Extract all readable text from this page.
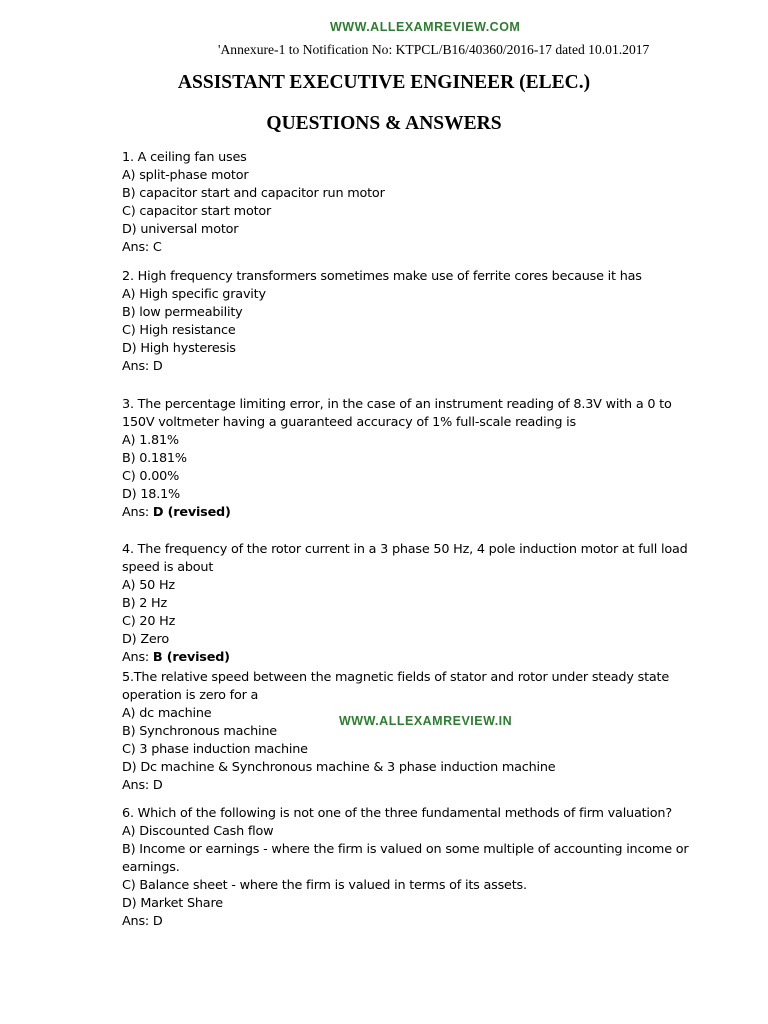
WWW.ALLEXAMREVIEW.COM
'Annexure-1 to Notification No: KTPCL/B16/40360/2016-17 dated 10.01.2017
ASSISTANT EXECUTIVE ENGINEER (ELEC.)
QUESTIONS & ANSWERS

1. A ceiling fan uses

A) split-phase motor

B) capacitor start and capacitor run motor

C) capacitor start motor

D) universal motor

Ans: C

2. High frequency transformers sometimes make use of ferrite cores because it has

A) High specific gravity

B) low permeability

C) High resistance

D) High hysteresis

Ans: D

3. The percentage limiting error, in the case of an instrument reading of 8.3V with a 0 to 150V voltmeter having a guaranteed accuracy of 1% full-scale reading is

A) 1.81%

B) 0.181%

C) 0.00%

D) 18.1%

Ans: D (revised)

4. The frequency of the rotor current in a 3 phase 50 Hz, 4 pole induction motor at full load speed is about

A) 50 Hz

B) 2 Hz

C) 20 Hz

D) Zero

Ans: B (revised)

5.The relative speed between the magnetic fields of stator and rotor under steady state operation is zero for a

A) dc machine

B) Synchronous machine

C) 3 phase induction machine

D) Dc machine & Synchronous machine & 3 phase induction machine

Ans: D

WWW.ALLEXAMREVIEW.IN

6. Which of the following is not one of the three fundamental methods of firm valuation?

A) Discounted Cash flow

B) Income or earnings - where the firm is valued on some multiple of accounting income or earnings.

C) Balance sheet - where the firm is valued in terms of its assets.

D) Market Share

Ans: D
